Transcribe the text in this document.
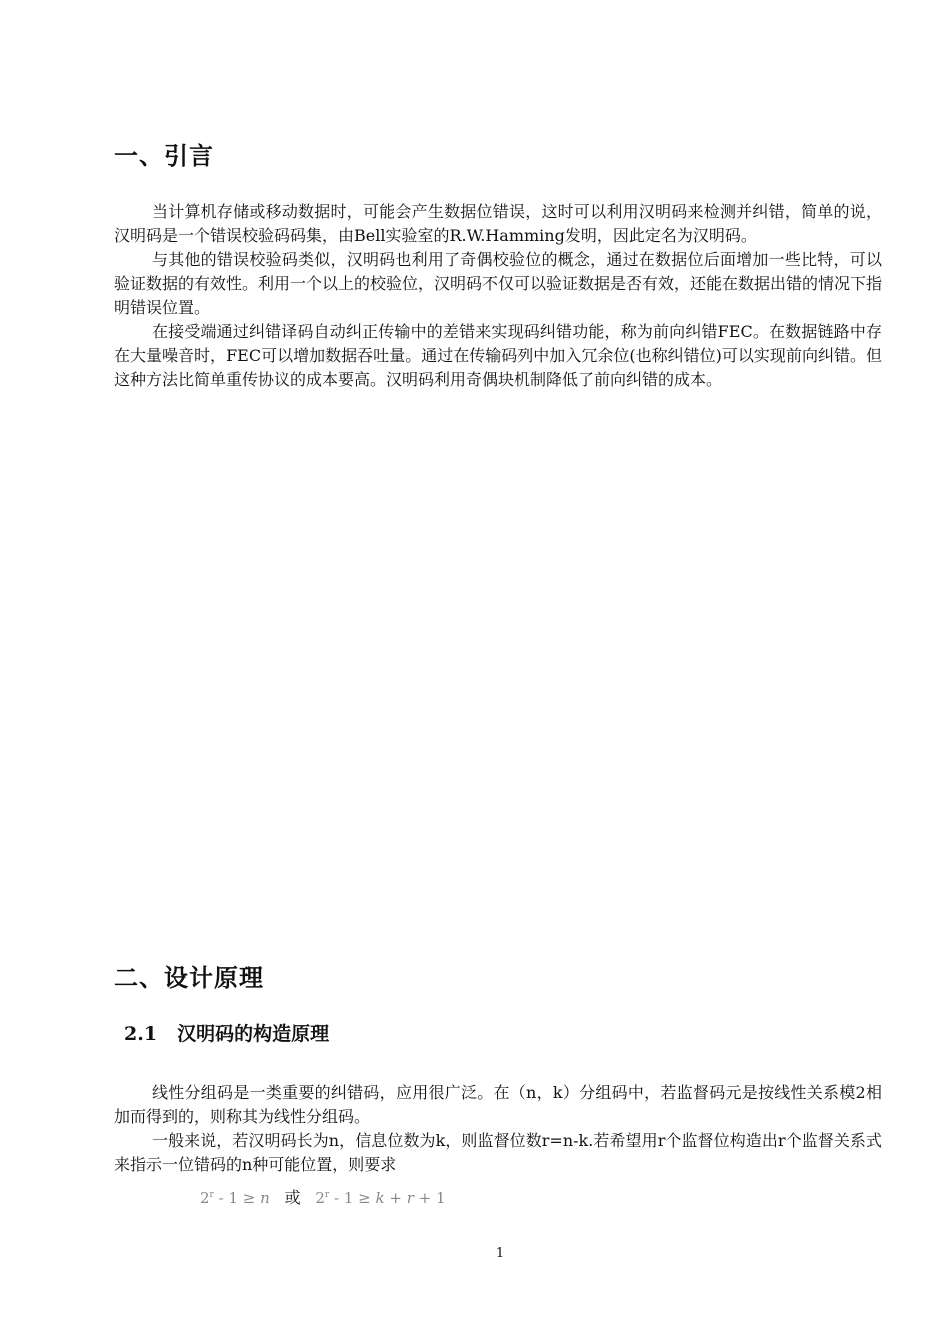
一、引言

当计算机存储或移动数据时，可能会产生数据位错误，这时可以利用汉明码来检测并纠错，简单的说，汉明码是一个错误校验码码集，由Bell实验室的R.W.Hamming发明，因此定名为汉明码。

与其他的错误校验码类似，汉明码也利用了奇偶校验位的概念，通过在数据位后面增加一些比特，可以验证数据的有效性。利用一个以上的校验位，汉明码不仅可以验证数据是否有效，还能在数据出错的情况下指明错误位置。

在接受端通过纠错译码自动纠正传输中的差错来实现码纠错功能，称为前向纠错FEC。在数据链路中存在大量噪音时，FEC可以增加数据吞吐量。通过在传输码列中加入冗余位(也称纠错位)可以实现前向纠错。但这种方法比简单重传协议的成本要高。汉明码利用奇偶块机制降低了前向纠错的成本。

二、设计原理
2.1 汉明码的构造原理

线性分组码是一类重要的纠错码，应用很广泛。在（n，k）分组码中，若监督码元是按线性关系模2相加而得到的，则称其为线性分组码。

一般来说，若汉明码长为n，信息位数为k，则监督位数r=n-k.若希望用r个监督位构造出r个监督关系式来指示一位错码的n种可能位置，则要求

2$^r$ - 1 ≥ n 或 2$^r$ - 1 ≥ k + r + 1
1
